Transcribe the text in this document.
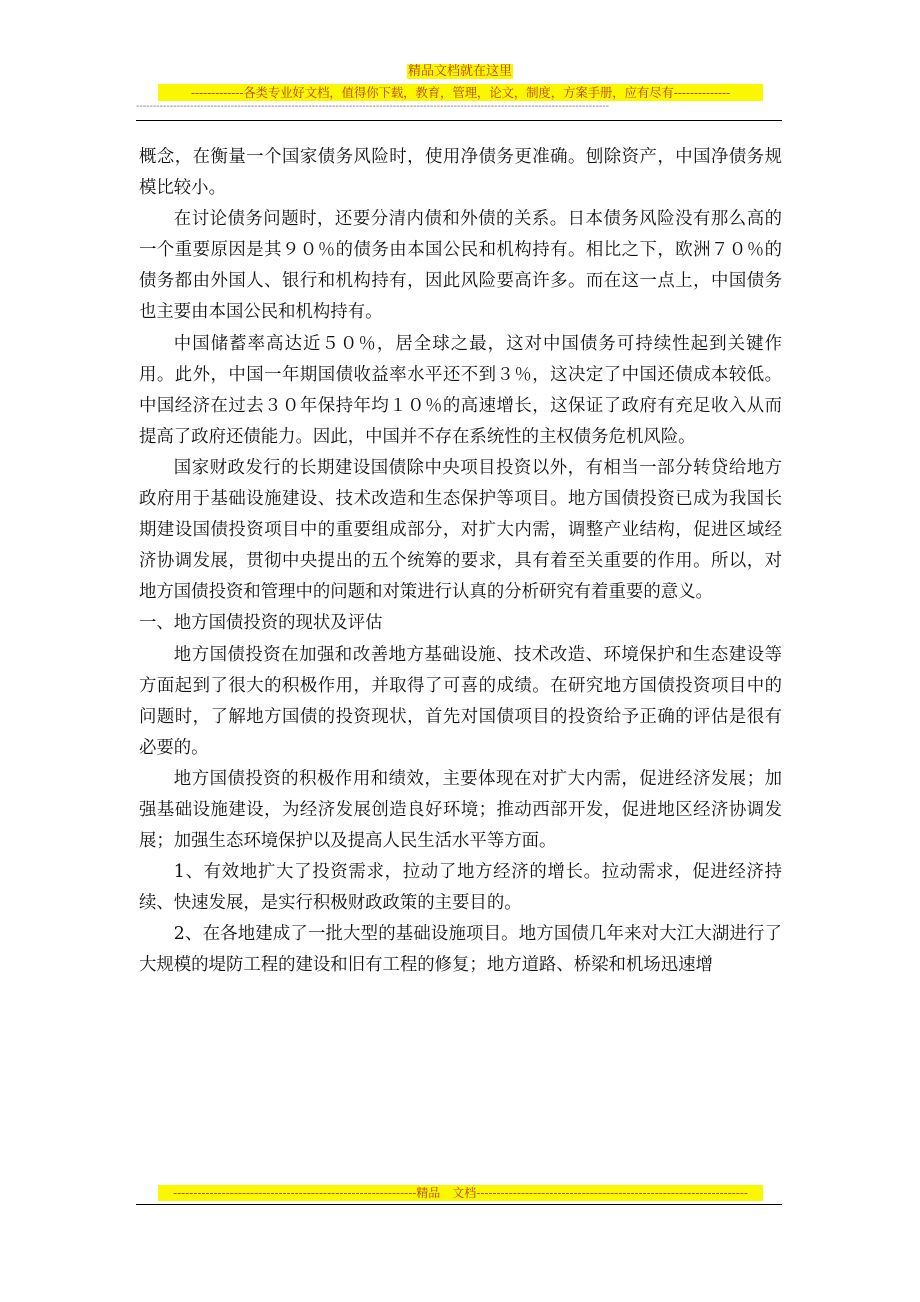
精品文档就在这里
-------------各类专业好文档，值得你下载，教育，管理，论文，制度，方案手册，应有尽有--------------
--------------------------------------------------------------------------------------------------------------------------------------------

概念，在衡量一个国家债务风险时，使用净债务更准确。刨除资产，中国净债务规模比较小。

在讨论债务问题时，还要分清内债和外债的关系。日本债务风险没有那么高的一个重要原因是其９０％的债务由本国公民和机构持有。相比之下，欧洲７０％的债务都由外国人、银行和机构持有，因此风险要高许多。而在这一点上，中国债务也主要由本国公民和机构持有。

中国储蓄率高达近５０％，居全球之最，这对中国债务可持续性起到关键作用。此外，中国一年期国债收益率水平还不到３％，这决定了中国还债成本较低。中国经济在过去３０年保持年均１０％的高速增长，这保证了政府有充足收入从而提高了政府还债能力。因此，中国并不存在系统性的主权债务危机风险。

国家财政发行的长期建设国债除中央项目投资以外，有相当一部分转贷给地方政府用于基础设施建设、技术改造和生态保护等项目。地方国债投资已成为我国长期建设国债投资项目中的重要组成部分，对扩大内需，调整产业结构，促进区域经济协调发展，贯彻中央提出的五个统筹的要求，具有着至关重要的作用。所以，对地方国债投资和管理中的问题和对策进行认真的分析研究有着重要的意义。

一、地方国债投资的现状及评估

地方国债投资在加强和改善地方基础设施、技术改造、环境保护和生态建设等方面起到了很大的积极作用，并取得了可喜的成绩。在研究地方国债投资项目中的问题时，了解地方国债的投资现状，首先对国债项目的投资给予正确的评估是很有必要的。

地方国债投资的积极作用和绩效，主要体现在对扩大内需，促进经济发展；加强基础设施建设，为经济发展创造良好环境；推动西部开发，促进地区经济协调发展；加强生态环境保护以及提高人民生活水平等方面。

1、有效地扩大了投资需求，拉动了地方经济的增长。拉动需求，促进经济持续、快速发展，是实行积极财政政策的主要目的。

2、在各地建成了一批大型的基础设施项目。地方国债几年来对大江大湖进行了大规模的堤防工程的建设和旧有工程的修复；地方道路、桥梁和机场迅速增

------------------------------------------------------------精品　文档-------------------------------------------------------------------
